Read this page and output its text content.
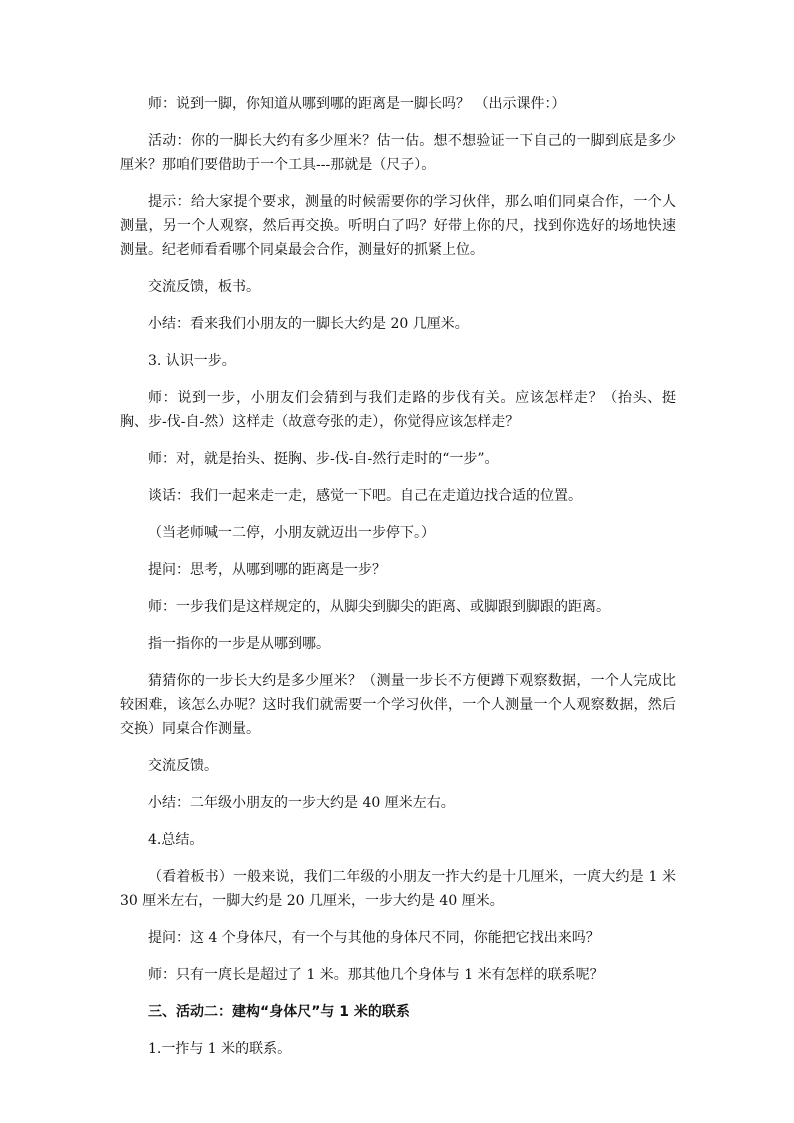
师：说到一脚，你知道从哪到哪的距离是一脚长吗？ （出示课件：）

活动：你的一脚长大约有多少厘米？估一估。想不想验证一下自己的一脚到底是多少厘米？那咱们要借助于一个工具---那就是（尺子）。

提示：给大家提个要求，测量的时候需要你的学习伙伴，那么咱们同桌合作，一个人测量，另一个人观察，然后再交换。听明白了吗？好带上你的尺，找到你选好的场地快速测量。纪老师看看哪个同桌最会合作，测量好的抓紧上位。

交流反馈，板书。

小结：看来我们小朋友的一脚长大约是 20 几厘米。

3. 认识一步。

师：说到一步，小朋友们会猜到与我们走路的步伐有关。应该怎样走？（抬头、挺胸、步-伐-自-然）这样走（故意夸张的走），你觉得应该怎样走？

师：对，就是抬头、挺胸、步-伐-自-然行走时的“一步”。

谈话：我们一起来走一走，感觉一下吧。自己在走道边找合适的位置。

（当老师喊一二停，小朋友就迈出一步停下。）

提问：思考，从哪到哪的距离是一步？

师：一步我们是这样规定的，从脚尖到脚尖的距离、或脚跟到脚跟的距离。

指一指你的一步是从哪到哪。

猜猜你的一步长大约是多少厘米？（测量一步长不方便蹲下观察数据，一个人完成比较困难，该怎么办呢？这时我们就需要一个学习伙伴，一个人测量一个人观察数据，然后交换）同桌合作测量。

交流反馈。

小结：二年级小朋友的一步大约是 40 厘米左右。

4.总结。

（看着板书）一般来说，我们二年级的小朋友一拃大约是十几厘米，一庹大约是 1 米 30 厘米左右，一脚大约是 20 几厘米，一步大约是 40 厘米。

提问：这 4 个身体尺，有一个与其他的身体尺不同，你能把它找出来吗？

师：只有一庹长是超过了 1 米。那其他几个身体与 1 米有怎样的联系呢？

三、活动二：建构“身体尺”与 1 米的联系

1.一拃与 1 米的联系。
